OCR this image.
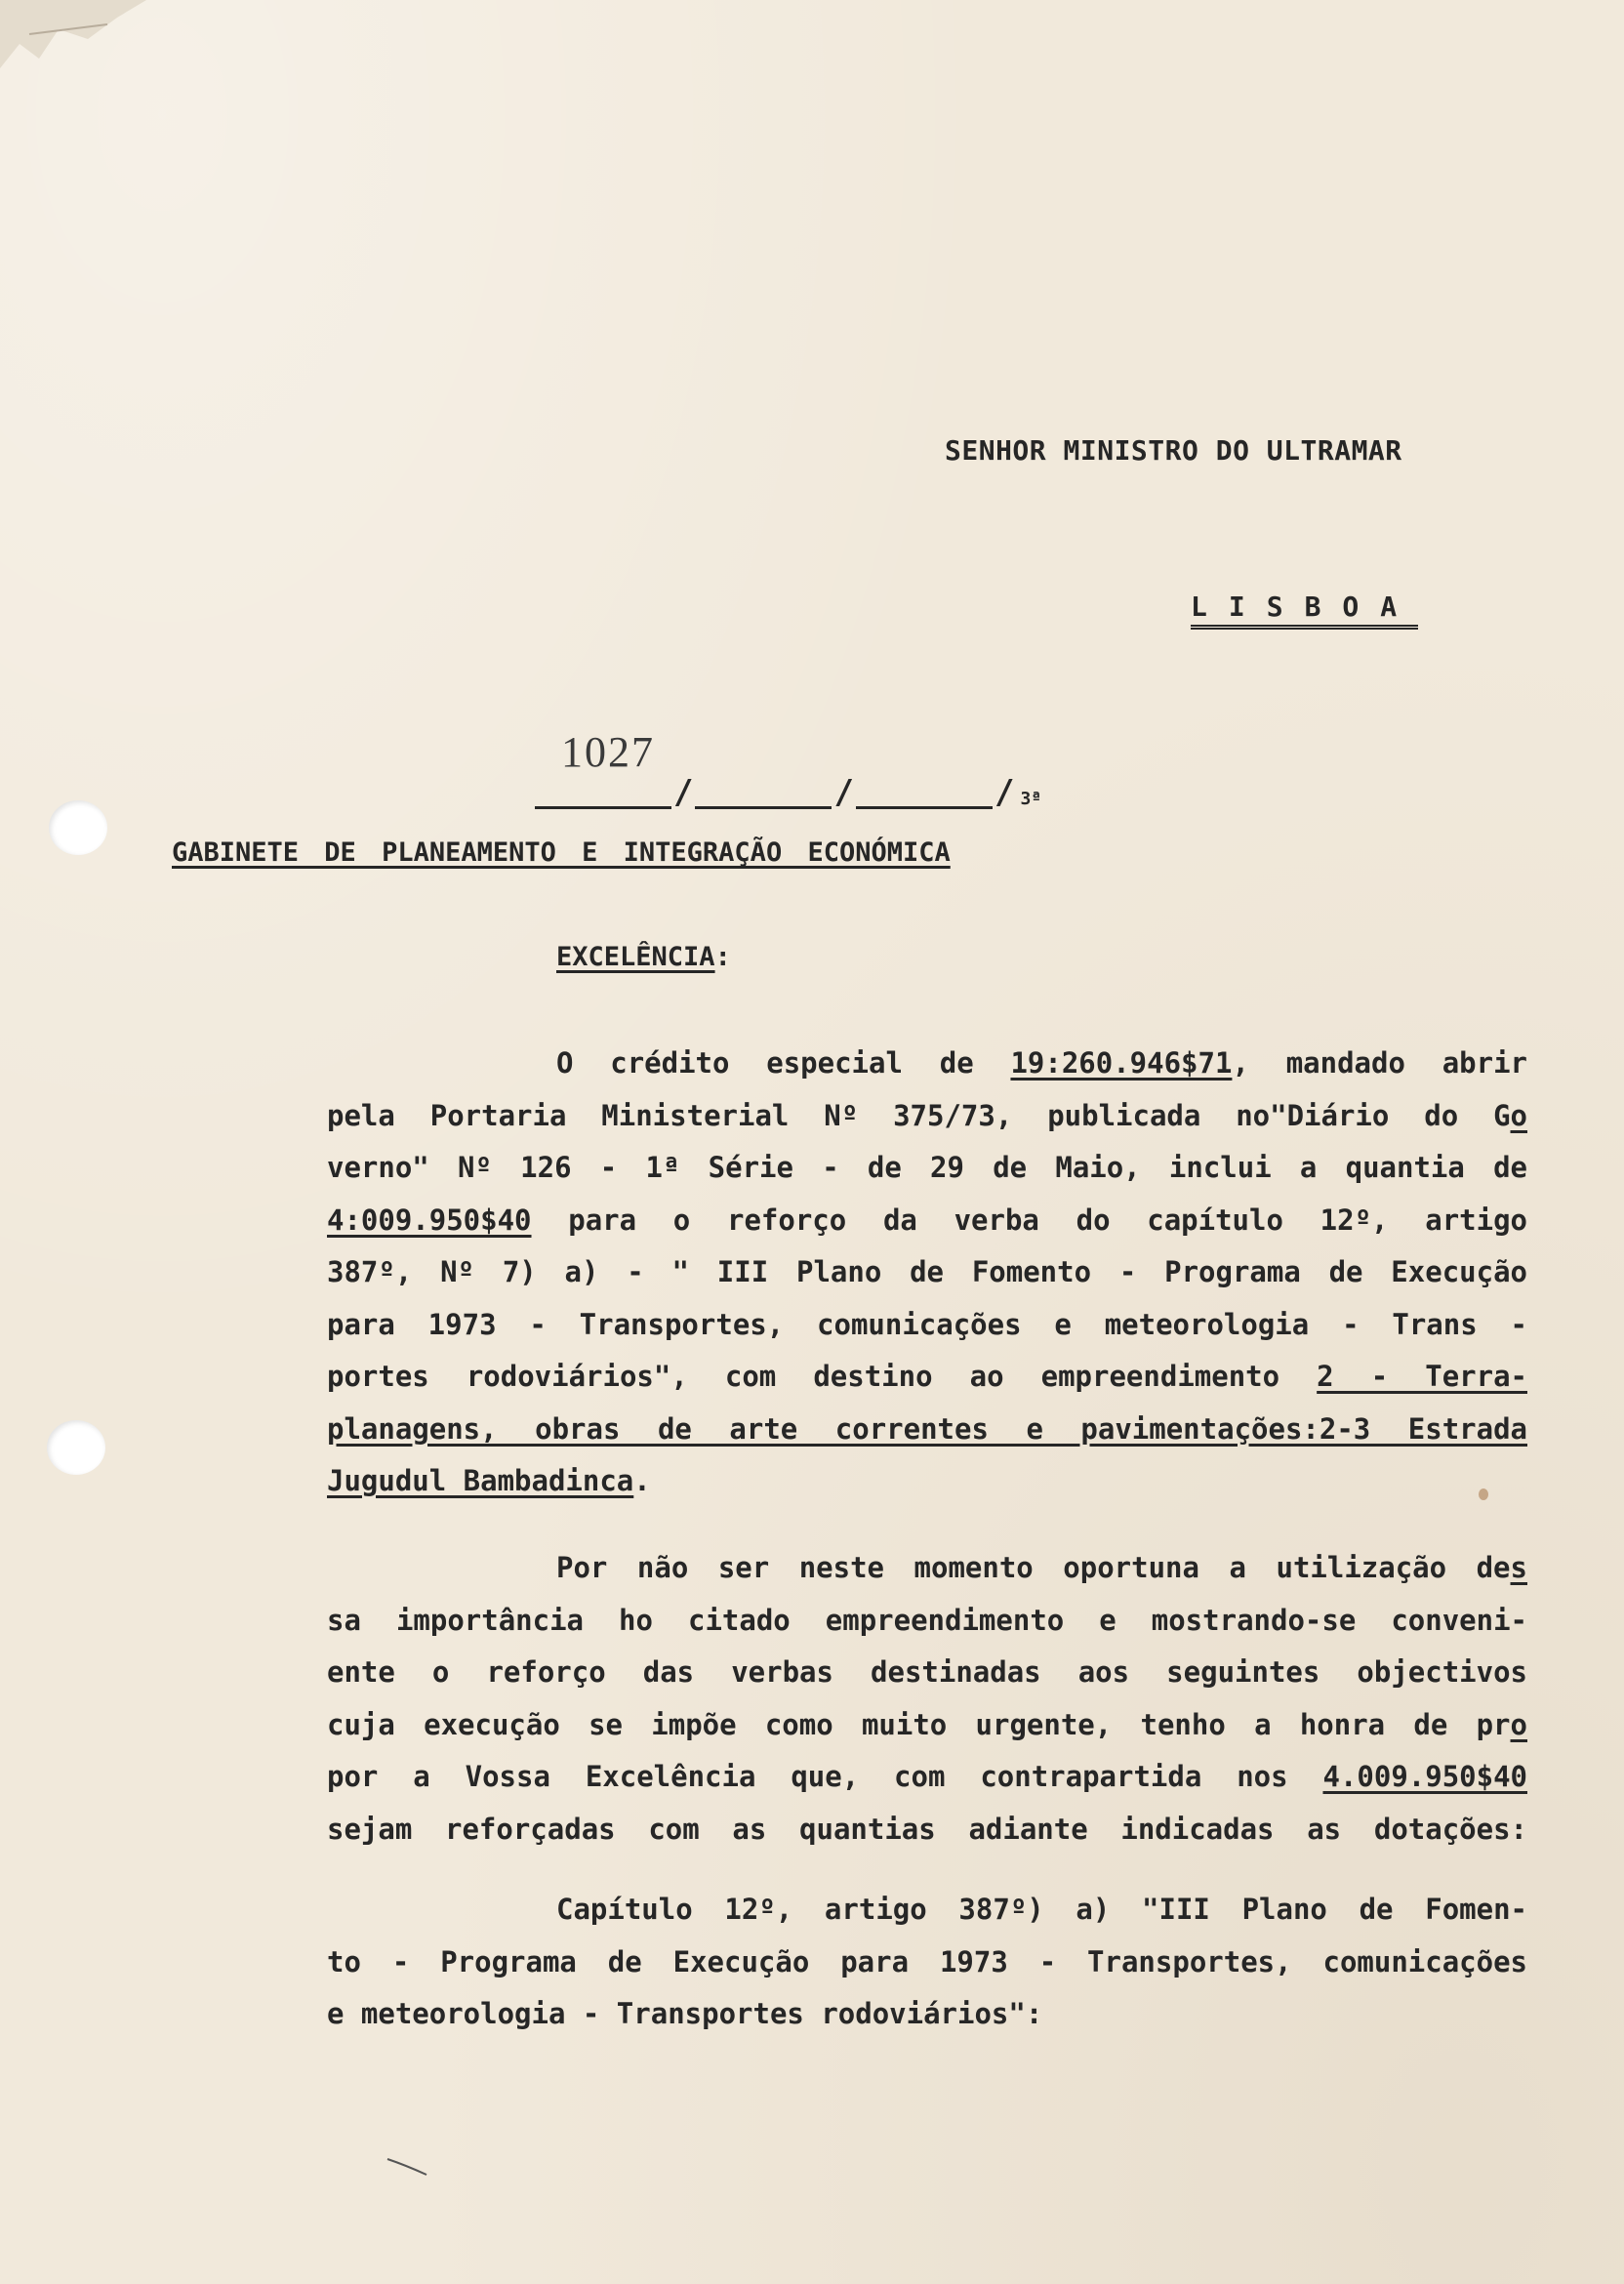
SENHOR MINISTRO DO ULTRAMAR
LISBOA
1027
/	/	/ 3ª
GABINETE DE PLANEAMENTO E INTEGRAÇÃO ECONÓMICA
EXCELÊNCIA:
O crédito especial de 19:260.946$71, mandado abrir
pela Portaria Ministerial Nº 375/73, publicada no"Diário do Go
verno" Nº 126 - 1ª Série - de 29 de Maio, inclui a quantia de
4:009.950$40 para o reforço da verba do capítulo 12º, artigo
387º, Nº 7) a) - " III Plano de Fomento - Programa de Execução
para 1973 - Transportes, comunicações e meteorologia - Trans -
portes rodoviários", com destino ao empreendimento 2 - Terra-
planagens, obras de arte correntes e pavimentações:2-3 Estrada
Jugudul Bambadinca.
Por não ser neste momento oportuna a utilização des
sa importância ho citado empreendimento e mostrando-se conveni-
ente o reforço das verbas destinadas aos seguintes objectivos
cuja execução se impõe como muito urgente, tenho a honra de pro
por a Vossa Excelência que, com contrapartida nos 4.009.950$40
sejam reforçadas com as quantias adiante indicadas as dotações:
Capítulo 12º, artigo 387º) a) "III Plano de Fomen-
to - Programa de Execução para 1973 - Transportes, comunicações
e meteorologia - Transportes rodoviários":
